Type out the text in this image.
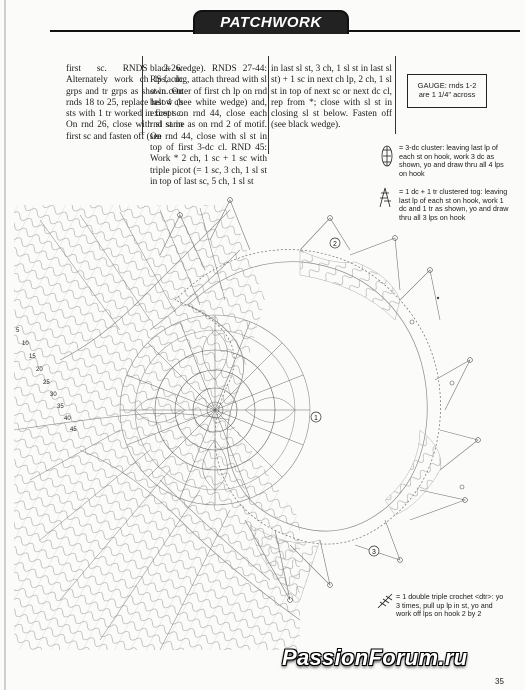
PATCHWORK
first sc. RNDS 2-26: Alternately work ch lps, dc grps and tr grps as shown. On rnds 18 to 25, replace last 4 ch sts with 1 tr worked in first sc. On rnd 26, close with sl st in first sc and fasten off (see
black wedge). RNDS 27-44: RS facing, attach thread with sl st in center of first ch lp on rnd below (see white wedge) and, except on rnd 44, close each rnd same as on rnd 2 of motif. On rnd 44, close with sl st in top of first 3-dc cl. RND 45: Work * 2 ch, 1 sc + 1 sc with triple picot (= 1 sc, 3 ch, 1 sl st in top of last sc, 5 ch, 1 sl st
in last sl st, 3 ch, 1 sl st in last sl st) + 1 sc in next ch lp, 2 ch, 1 sl st in top of next sc or next dc cl, rep from *; close with sl st in closing sl st below. Fasten off (see black wedge).
GAUGE: rnds 1-2
are 1 1/4" across
1
2
3
5
10
15
20
25
30
35
40
45
= 3-dc cluster: leaving last lp of each st on hook, work 3 dc as shown, yo and draw thru all 4 lps on hook
= 1 dc + 1 tr clustered tog: leaving last lp of each st on hook, work 1 dc and 1 tr as shown, yo and draw thru all 3 lps on hook
= 1 double triple crochet <dtr>: yo 3 times, pull up lp in st, yo and work off lps on hook 2 by 2
PassionForum.ru
35
